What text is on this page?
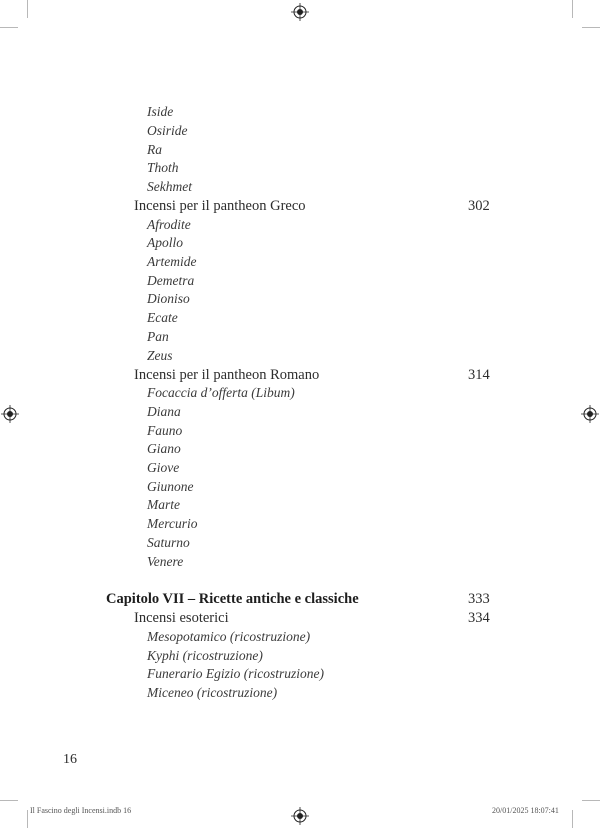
Iside
Osiride
Ra
Thoth
Sekhmet
Incensi per il pantheon Greco	302
Afrodite
Apollo
Artemide
Demetra
Dioniso
Ecate
Pan
Zeus
Incensi per il pantheon Romano	314
Focaccia d’offerta (Libum)
Diana
Fauno
Giano
Giove
Giunone
Marte
Mercurio
Saturno
Venere
Capitolo VII – Ricette antiche e classiche	333
Incensi esoterici	334
Mesopotamico (ricostruzione)
Kyphi (ricostruzione)
Funerario Egizio (ricostruzione)
Miceneo (ricostruzione)
16
Il Fascino degli Incensi.indb 16	20/01/2025 18:07:41
